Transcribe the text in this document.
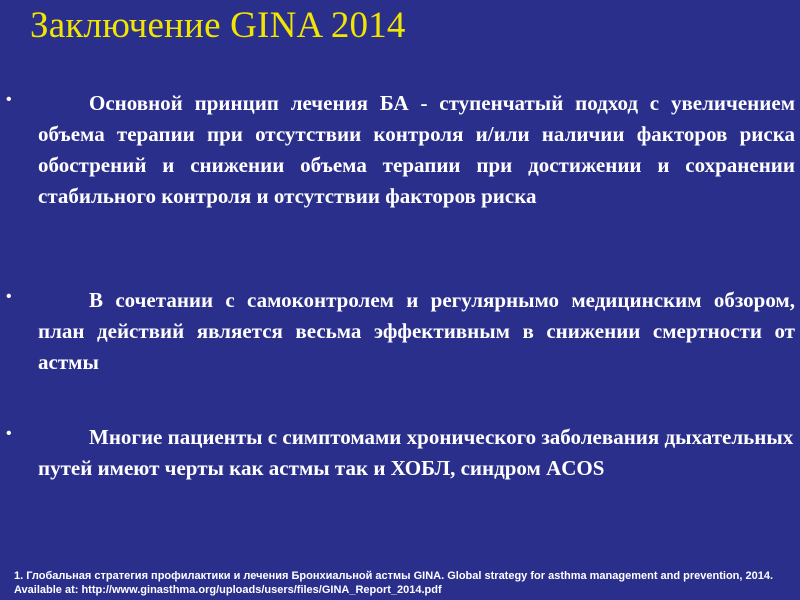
Заключение GINA 2014
•	Основной принцип лечения БА - ступенчатый подход с увеличением объема терапии при отсутствии контроля и/или наличии факторов риска обострений и снижении объема терапии при достижении и сохранении стабильного контроля и отсутствии факторов риска

•	В сочетании с самоконтролем и регулярнымо медицинским обзором, план действий является весьма эффективным в снижении смертности от астмы

•	Многие пациенты с симптомами хронического заболевания дыхательных путей имеют черты как астмы так и ХОБЛ, синдром ACOS

1. Глобальная стратегия профилактики и лечения Бронхиальной астмы GINA. Global strategy for asthma management and prevention, 2014.
Available at: http://www.ginasthma.org/uploads/users/files/GINA_Report_2014.pdf
